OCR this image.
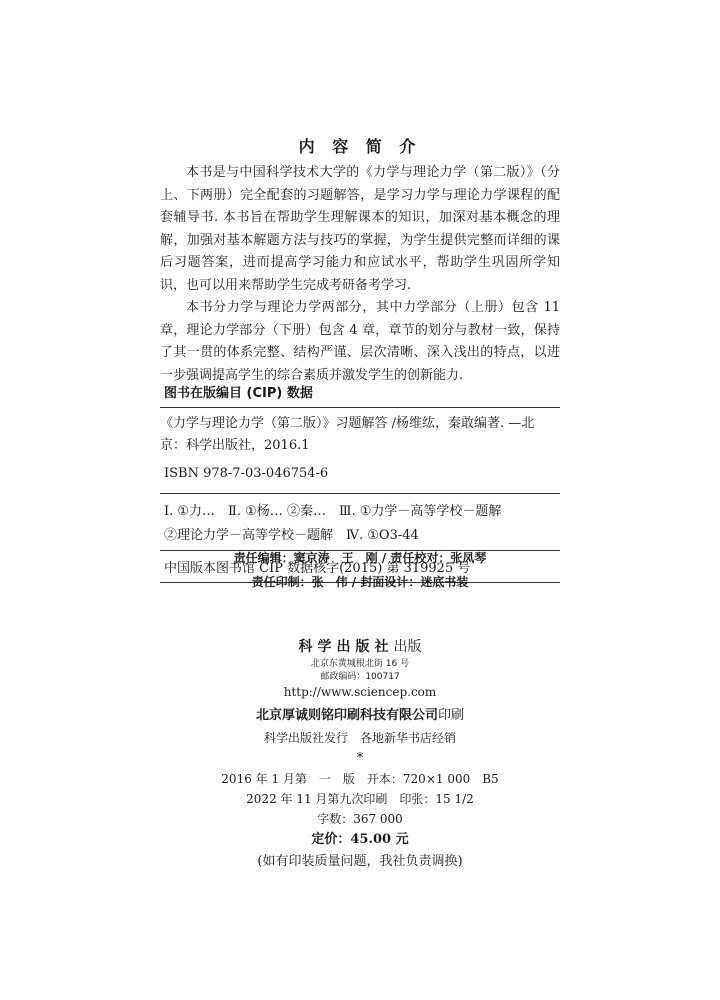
内 容 简 介

本书是与中国科学技术大学的《力学与理论力学（第二版）》（分上、下两册）完全配套的习题解答，是学习力学与理论力学课程的配套辅导书. 本书旨在帮助学生理解课本的知识，加深对基本概念的理解，加强对基本解题方法与技巧的掌握，为学生提供完整而详细的课后习题答案，进而提高学习能力和应试水平，帮助学生巩固所学知识，也可以用来帮助学生完成考研备考学习.

本书分力学与理论力学两部分，其中力学部分（上册）包含 11 章，理论力学部分（下册）包含 4 章，章节的划分与教材一致，保持了其一贯的体系完整、结构严谨、层次清晰、深入浅出的特点，以进一步强调提高学生的综合素质并激发学生的创新能力.

图书在版编目 (CIP) 数据
《力学与理论力学（第二版）》习题解答 /杨维纮，秦敢编著. —北京：科学出版社，2016.1
ISBN 978-7-03-046754-6
Ⅰ. ①力…　Ⅱ. ①杨… ②秦…　Ⅲ. ①力学－高等学校－题解
②理论力学－高等学校－题解　Ⅳ. ①O3-44
中国版本图书馆 CIP 数据核字(2015) 第 319925 号
责任编辑：窦京涛　王　刚 / 责任校对：张凤琴
责任印制：张　伟 / 封面设计：迷底书装
科学出版社出版
北京东黄城根北街 16 号
邮政编码：100717
http://www.sciencep.com
北京厚诚则铭印刷科技有限公司印刷
科学出版社发行　各地新华书店经销
*
2016 年 1 月第　一　版　开本：720×1 000　B5
2022 年 11 月第九次印刷　印张：15 1/2
字数：367 000
定价：45.00 元
(如有印装质量问题，我社负责调换)
